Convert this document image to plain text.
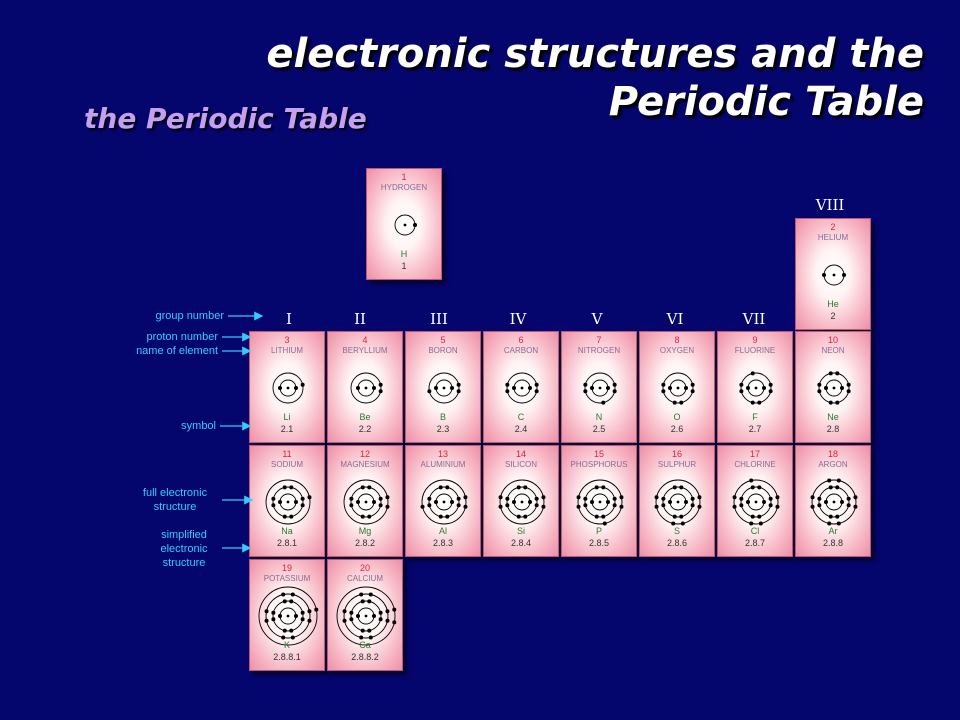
electronic structures and the
Periodic Table
the Periodic Table
I	II	III	IV	V	VI	VII
VIII
1
HYDROGEN
H
1
2
HELIUM
He
2
3
LITHIUM
Li
2.1
4
BERYLLIUM
Be
2.2
5
BORON
B
2.3
6
CARBON
C
2.4
7
NITROGEN
N
2.5
8
OXYGEN
O
2.6
9
FLUORINE
F
2.7
10
NEON
Ne
2.8
11
SODIUM
Na
2.8.1
12
MAGNESIUM
Mg
2.8.2
13
ALUMINIUM
Al
2.8.3
14
SILICON
Si
2.8.4
15
PHOSPHORUS
P
2.8.5
16
SULPHUR
S
2.8.6
17
CHLORINE
Cl
2.8.7
18
ARGON
Ar
2.8.8
19
POTASSIUM
K
2.8.8.1
20
CALCIUM
Ca
2.8.8.2
group number
proton number
name of element
symbol
full electronic
structure
simplified
electronic
structure
